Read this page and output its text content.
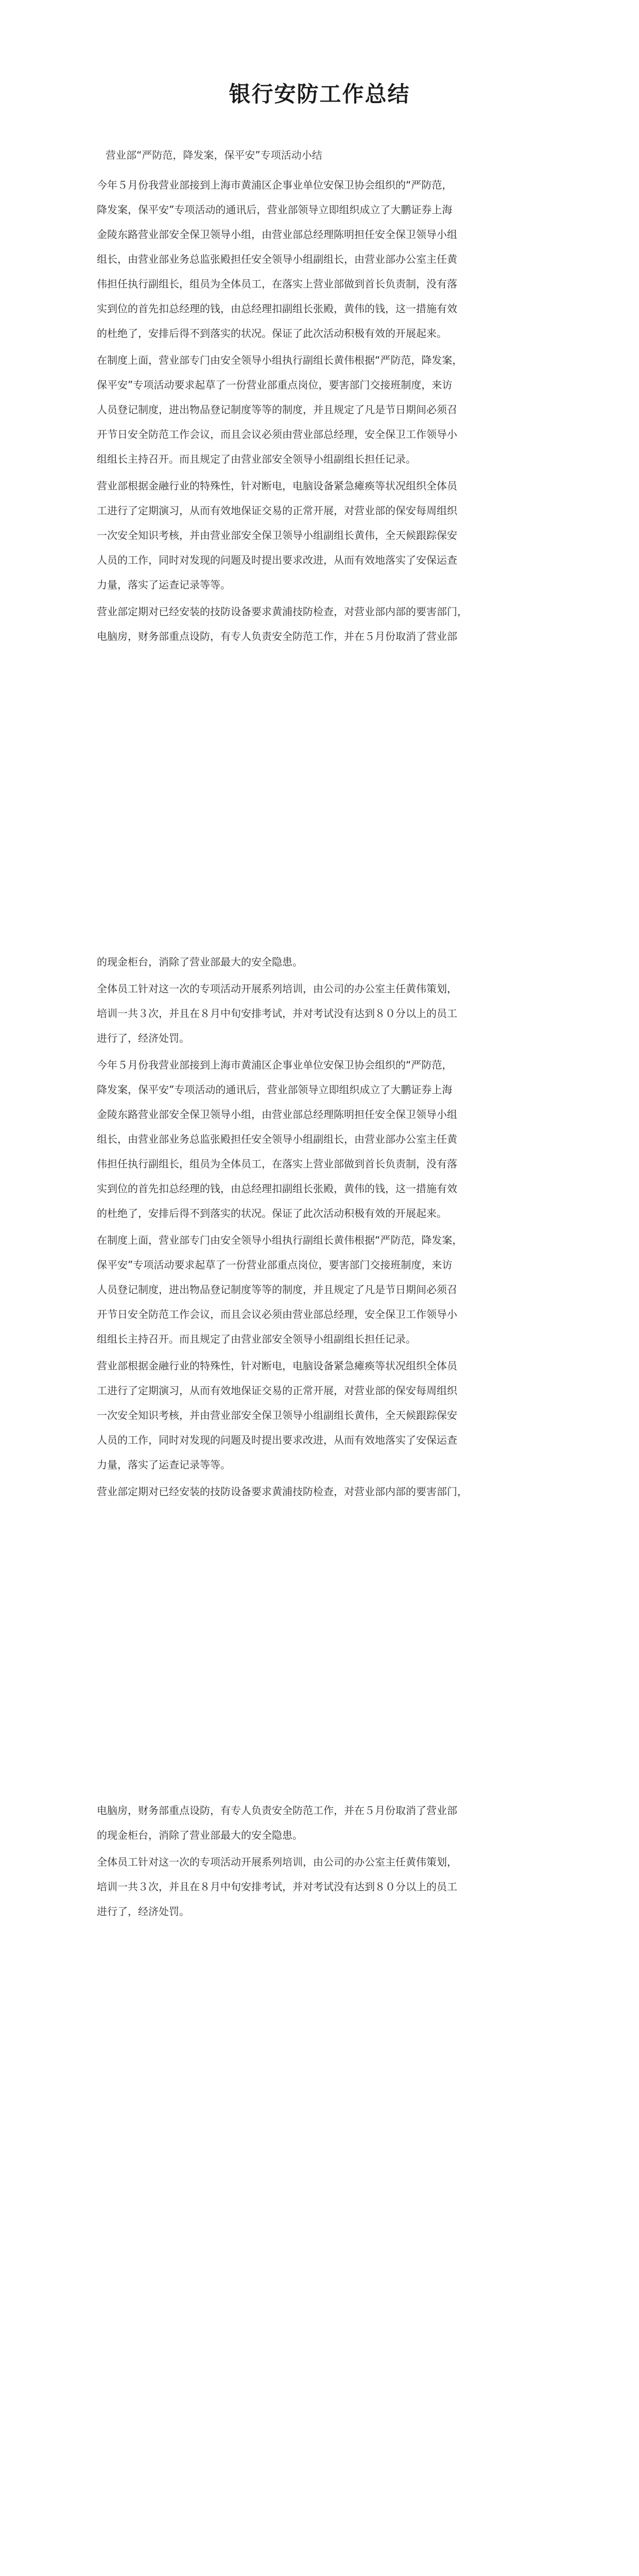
银行安防工作总结
营业部“严防范，降发案，保平安”专项活动小结

今年５月份我营业部接到上海市黄浦区企事业单位安保卫协会组织的“严防范，
降发案，保平安”专项活动的通讯后，营业部领导立即组织成立了大鹏证券上海
金陵东路营业部安全保卫领导小组，由营业部总经理陈明担任安全保卫领导小组
组长，由营业部业务总监张殿担任安全领导小组副组长，由营业部办公室主任黄
伟担任执行副组长，组员为全体员工，在落实上营业部做到首长负责制，没有落
实到位的首先扣总经理的钱，由总经理扣副组长张殿，黄伟的钱，这一措施有效
的杜绝了，安排后得不到落实的状况。保证了此次活动积极有效的开展起来。

在制度上面，营业部专门由安全领导小组执行副组长黄伟根据“严防范，降发案，
保平安”专项活动要求起草了一份营业部重点岗位，要害部门交接班制度，来访
人员登记制度，进出物品登记制度等等的制度，并且规定了凡是节日期间必须召
开节日安全防范工作会议，而且会议必须由营业部总经理，安全保卫工作领导小
组组长主持召开。而且规定了由营业部安全领导小组副组长担任记录。

营业部根据金融行业的特殊性，针对断电，电脑设备紧急瘫痪等状况组织全体员
工进行了定期演习，从而有效地保证交易的正常开展，对营业部的保安每周组织
一次安全知识考核，并由营业部安全保卫领导小组副组长黄伟，全天候跟踪保安
人员的工作，同时对发现的问题及时提出要求改进，从而有效地落实了安保运查
力量，落实了运查记录等等。

营业部定期对已经安装的技防设备要求黄浦技防检查，对营业部内部的要害部门，
电脑房，财务部重点设防，有专人负责安全防范工作，并在５月份取消了营业部

的现金柜台，消除了营业部最大的安全隐患。

全体员工针对这一次的专项活动开展系列培训，由公司的办公室主任黄伟策划，
培训一共３次，并且在８月中旬安排考试，并对考试没有达到８０分以上的员工
进行了，经济处罚。

今年５月份我营业部接到上海市黄浦区企事业单位安保卫协会组织的“严防范，
降发案，保平安”专项活动的通讯后，营业部领导立即组织成立了大鹏证券上海
金陵东路营业部安全保卫领导小组，由营业部总经理陈明担任安全保卫领导小组
组长，由营业部业务总监张殿担任安全领导小组副组长，由营业部办公室主任黄
伟担任执行副组长，组员为全体员工，在落实上营业部做到首长负责制，没有落
实到位的首先扣总经理的钱，由总经理扣副组长张殿，黄伟的钱，这一措施有效
的杜绝了，安排后得不到落实的状况。保证了此次活动积极有效的开展起来。

在制度上面，营业部专门由安全领导小组执行副组长黄伟根据“严防范，降发案，
保平安”专项活动要求起草了一份营业部重点岗位，要害部门交接班制度，来访
人员登记制度，进出物品登记制度等等的制度，并且规定了凡是节日期间必须召
开节日安全防范工作会议，而且会议必须由营业部总经理，安全保卫工作领导小
组组长主持召开。而且规定了由营业部安全领导小组副组长担任记录。

营业部根据金融行业的特殊性，针对断电，电脑设备紧急瘫痪等状况组织全体员
工进行了定期演习，从而有效地保证交易的正常开展，对营业部的保安每周组织
一次安全知识考核，并由营业部安全保卫领导小组副组长黄伟，全天候跟踪保安
人员的工作，同时对发现的问题及时提出要求改进，从而有效地落实了安保运查
力量，落实了运查记录等等。

营业部定期对已经安装的技防设备要求黄浦技防检查，对营业部内部的要害部门，

电脑房，财务部重点设防，有专人负责安全防范工作，并在５月份取消了营业部
的现金柜台，消除了营业部最大的安全隐患。

全体员工针对这一次的专项活动开展系列培训，由公司的办公室主任黄伟策划，
培训一共３次，并且在８月中旬安排考试，并对考试没有达到８０分以上的员工
进行了，经济处罚。
